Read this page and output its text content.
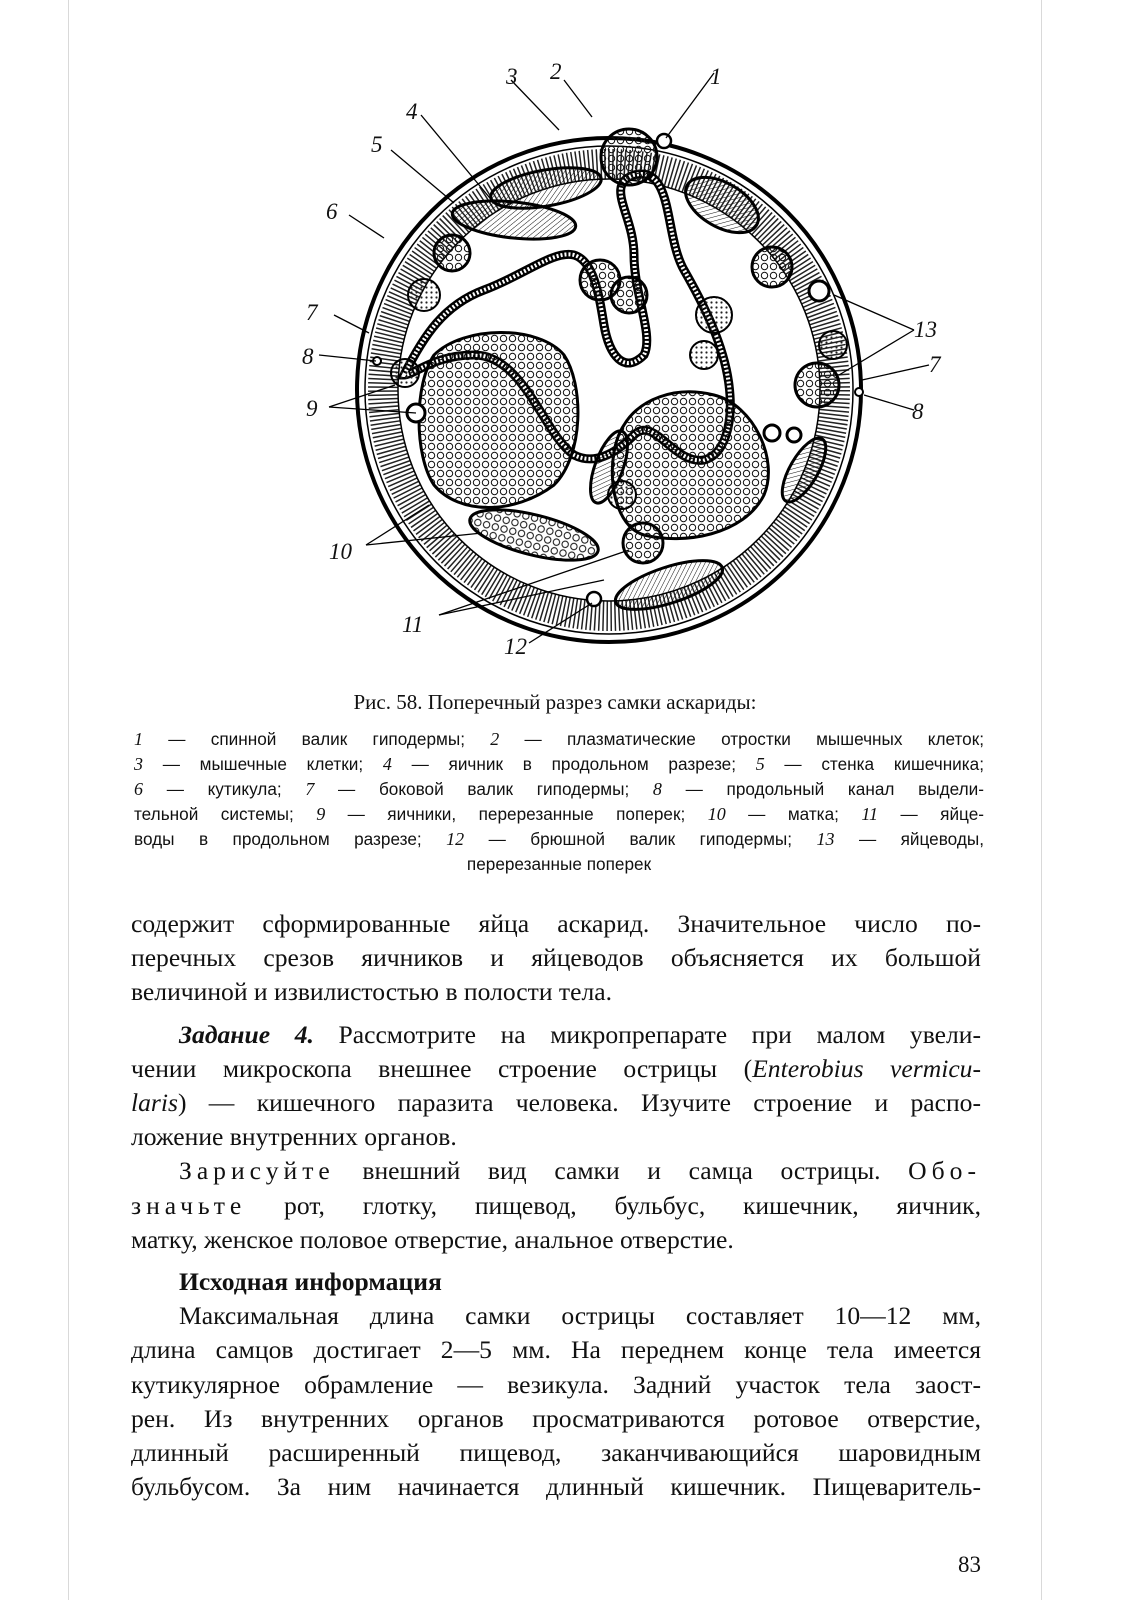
1
2
3
4
5
6
7
8
9
10
11
12
13
7
8
Рис. 58. Поперечный разрез самки аскариды:
1 — спинной валик гиподермы; 2 — плазматические отростки мышечных клеток;
3 — мышечные клетки; 4 — яичник в продольном разрезе; 5 — стенка кишечника;
6 — кутикула; 7 — боковой валик гиподермы; 8 — продольный канал выдели-
тельной системы; 9 — яичники, перерезанные поперек; 10 — матка; 11 — яйце-
воды в продольном разрезе; 12 — брюшной валик гиподермы; 13 — яйцеводы,
перерезанные поперек

содержит сформированные яйца аскарид. Значительное число по-
перечных срезов яичников и яйцеводов объясняется их большой
величиной и извилистостью в полости тела.

Задание 4. Рассмотрите на микропрепарате при малом увели-
чении микроскопа внешнее строение острицы (Enterobius vermicu-
laris) — кишечного паразита человека. Изучите строение и распо-
ложение внутренних органов.

Зарисуйте внешний вид самки и самца острицы. Обо-
значьте рот, глотку, пищевод, бульбус, кишечник, яичник,
матку, женское половое отверстие, анальное отверстие.

Исходная информация

Максимальная длина самки острицы составляет 10—12 мм,
длина самцов достигает 2—5 мм. На переднем конце тела имеется
кутикулярное обрамление — везикула. Задний участок тела заост-
рен. Из внутренних органов просматриваются ротовое отверстие,
длинный расширенный пищевод, заканчивающийся шаровидным
бульбусом. За ним начинается длинный кишечник. Пищеваритель-

83
